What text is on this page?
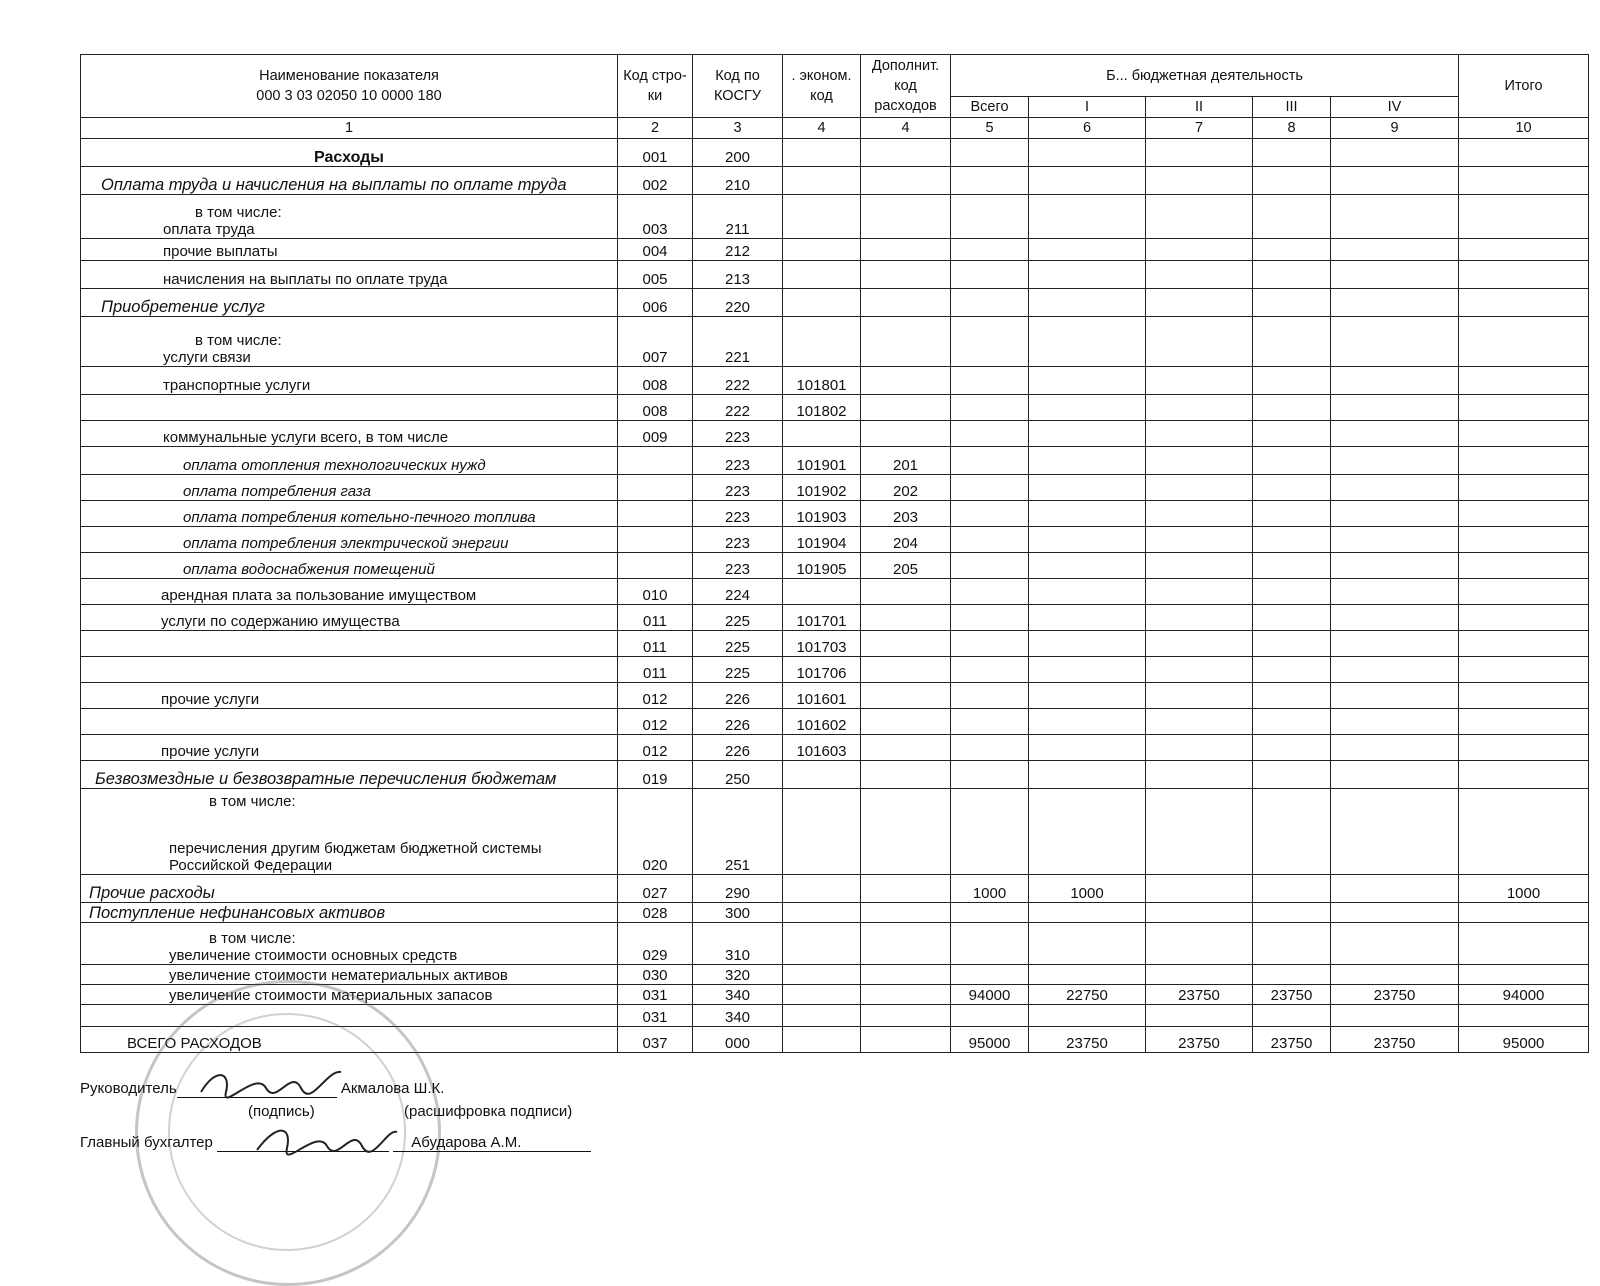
Наименование показателя
000 3 03 02050 10 0000 180	Код стро- ки	Код по КОСГУ	. эконом. код	Дополнит. код расходов	Б... бюджетная деятельность					Итого
					Всего	I	II	III	IV	
1	2	3	4	4	5	6	7	8	9	10

Расходы	001	200								

Оплата труда и начисления на выплаты по оплате труда	002	210								

в том числе:
оплата труда	003	211								

прочие выплаты	004	212								

начисления на выплаты по оплате труда	005	213								

Приобретение услуг	006	220								

в том числе:
услуги связи	007	221								

транспортные услуги	008	222	101801							

	008	222	101802							

коммунальные услуги всего, в том числе	009	223								

оплата отопления технологических нужд		223	101901	201						

оплата потребления газа		223	101902	202						

оплата потребления котельно-печного топлива		223	101903	203						

оплата потребления электрической энергии		223	101904	204						

оплата водоснабжения помещений		223	101905	205						

арендная плата за пользование имуществом	010	224								

услуги по содержанию имущества	011	225	101701							

	011	225	101703							

	011	225	101706							

прочие услуги	012	226	101601							

	012	226	101602							

прочие услуги	012	226	101603							

Безвозмездные и безвозвратные перечисления бюджетам	019	250								

в том числе:
перечисления другим бюджетам бюджетной системы
Российской Федерации	020	251								

Прочие расходы	027	290			1000	1000				1000

Поступление нефинансовых активов	028	300								

в том числе:
увеличение стоимости основных средств	029	310								

увеличение стоимости нематериальных активов	030	320								

увеличение стоимости материальных запасов	031	340			94000	22750	23750	23750	23750	94000

	031	340								

ВСЕГО РАСХОДОВ	037	000			95000	23750	23750	23750	23750	95000
Руководитель	Акмалова Ш.К.
(подпись)	(расшифровка подписи)
Главный бухгалтер	Абударова А.М.
